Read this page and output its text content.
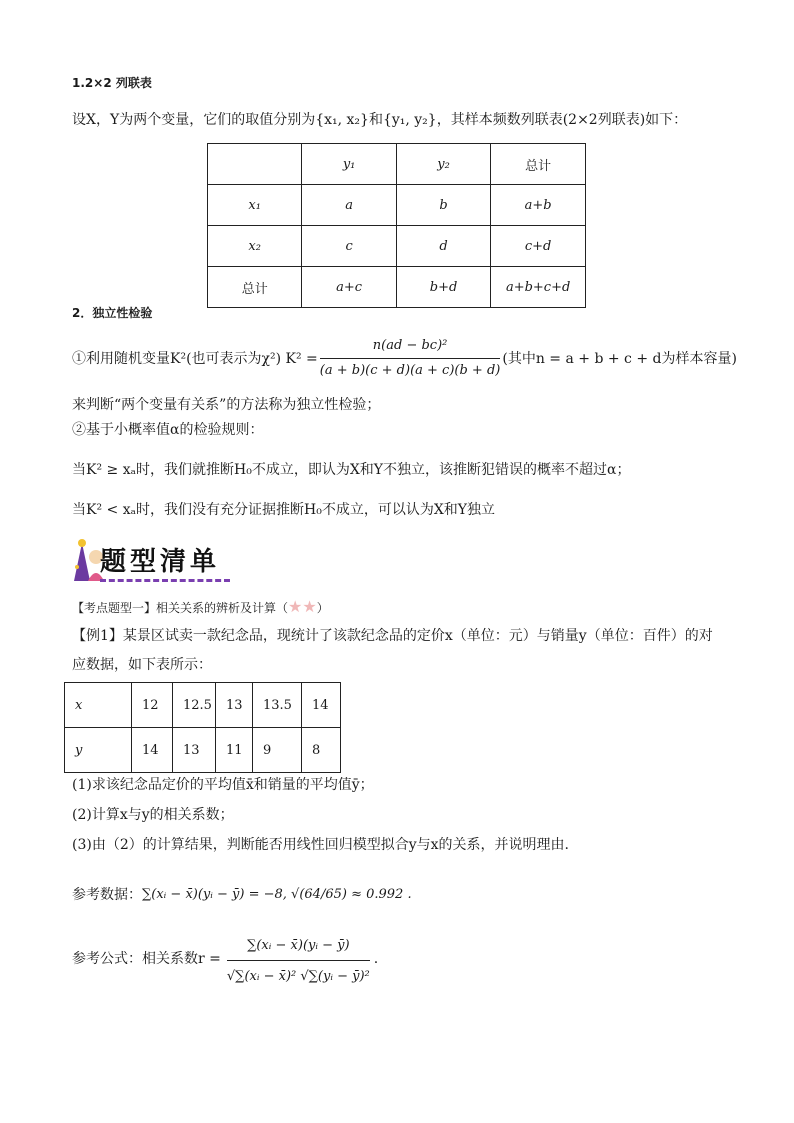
1.2×2 列联表
设X，Y为两个变量，它们的取值分别为{x₁, x₂}和{y₁, y₂}，其样本频数列联表(2×2列联表)如下：
	y₁	y₂	总计
x₁	a	b	a+b
x₂	c	d	c+d
总计	a+c	b+d	a+b+c+d
2．独立性检验
①利用随机变量K²(也可表示为χ²) $K^2 = \frac{\text{n(ad − bc)²}}{(a + b)(c + d)(a + c)(b + d)}$ (其中n = a + b + c + d为样本容量)
来判断“两个变量有关系”的方法称为独立性检验；
②基于小概率值α的检验规则：
当K² ≥ xₐ时，我们就推断H₀不成立，即认为X和Y不独立，该推断犯错误的概率不超过α；
当K² < xₐ时，我们没有充分证据推断H₀不成立，可以认为X和Y独立
题型清单
【考点题型一】相关关系的辨析及计算（★★）
【例1】某景区试卖一款纪念品，现统计了该款纪念品的定价x（单位：元）与销量y（单位：百件）的对
应数据，如下表所示：
x	12	12.5	13	13.5	14
y	14	13	11	9	8
(1)求该纪念品定价的平均值x̄和销量的平均值ȳ；
(2)计算x与y的相关系数；
(3)由（2）的计算结果，判断能否用线性回归模型拟合y与x的关系，并说明理由.
参考数据： ∑(xᵢ − x̄)(yᵢ − ȳ) = −8, √(64/65) ≈ 0.992 .
参考公式：相关系数$r = \frac{\text{∑(xᵢ − x̄)(yᵢ − ȳ)}}{\text{√∑(xᵢ − x̄)² √∑(yᵢ − ȳ)²}}$ .
